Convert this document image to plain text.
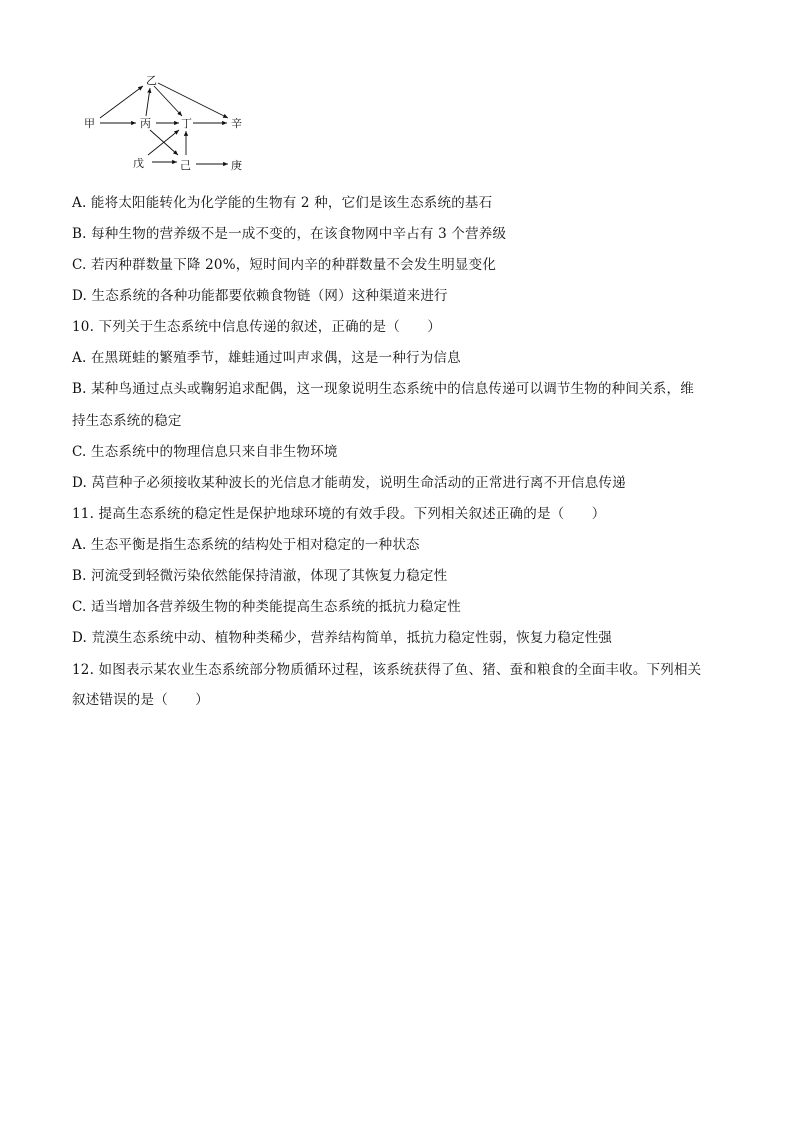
甲
乙
丙	丁	辛
戊	己	庚
A. 能将太阳能转化为化学能的生物有 2 种，它们是该生态系统的基石
B. 每种生物的营养级不是一成不变的，在该食物网中辛占有 3 个营养级
C. 若丙种群数量下降 20%，短时间内辛的种群数量不会发生明显变化
D. 生态系统的各种功能都要依赖食物链（网）这种渠道来进行
10. 下列关于生态系统中信息传递的叙述，正确的是（　　）
A. 在黑斑蛙的繁殖季节，雄蛙通过叫声求偶，这是一种行为信息
B. 某种鸟通过点头或鞠躬追求配偶，这一现象说明生态系统中的信息传递可以调节生物的种间关系，维
持生态系统的稳定
C. 生态系统中的物理信息只来自非生物环境
D. 莴苣种子必须接收某种波长的光信息才能萌发，说明生命活动的正常进行离不开信息传递
11. 提高生态系统的稳定性是保护地球环境的有效手段。下列相关叙述正确的是（　　）
A. 生态平衡是指生态系统的结构处于相对稳定的一种状态
B. 河流受到轻微污染依然能保持清澈，体现了其恢复力稳定性
C. 适当增加各营养级生物的种类能提高生态系统的抵抗力稳定性
D. 荒漠生态系统中动、植物种类稀少，营养结构简单，抵抗力稳定性弱，恢复力稳定性强
12. 如图表示某农业生态系统部分物质循环过程，该系统获得了鱼、猪、蚕和粮食的全面丰收。下列相关
叙述错误的是（　　）
